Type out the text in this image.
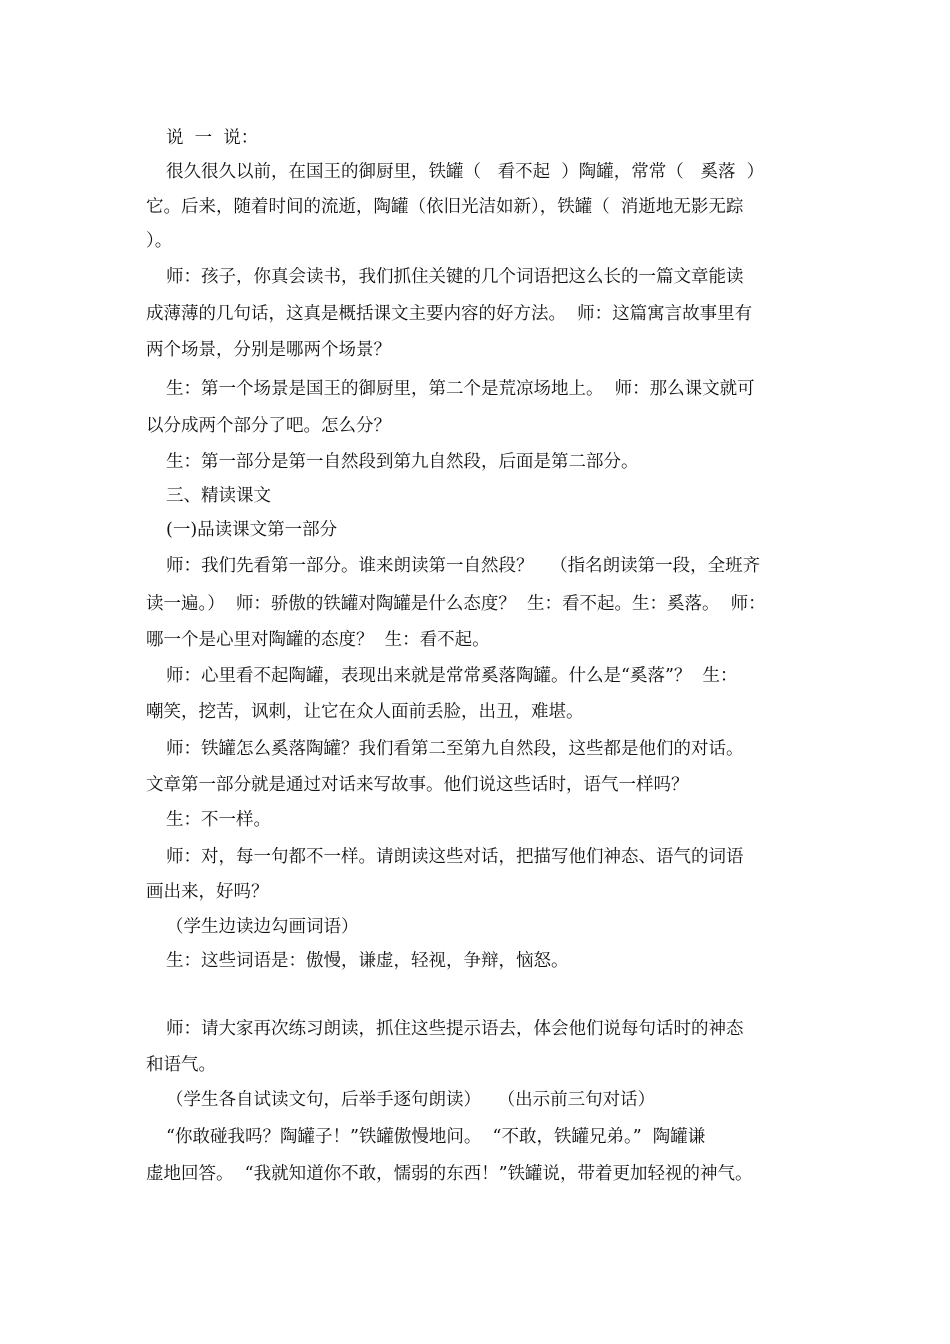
说  一  说：
很久很久以前，在国王的御厨里，铁罐（   看不起  ）陶罐，常常（   奚落  ）
它。后来，随着时间的流逝，陶罐（依旧光洁如新），铁罐（  消逝地无影无踪
）。
师：孩子，你真会读书，我们抓住关键的几个词语把这么长的一篇文章能读
成薄薄的几句话，这真是概括课文主要内容的好方法。  师：这篇寓言故事里有
两个场景，分别是哪两个场景？
生：第一个场景是国王的御厨里，第二个是荒凉场地上。  师：那么课文就可
以分成两个部分了吧。怎么分？
生：第一部分是第一自然段到第九自然段，后面是第二部分。
三、精读课文
(一)品读课文第一部分
师：我们先看第一部分。谁来朗读第一自然段？   （指名朗读第一段，全班齐
读一遍。）  师：骄傲的铁罐对陶罐是什么态度？  生：看不起。生：奚落。  师：
哪一个是心里对陶罐的态度？  生：看不起。
师：心里看不起陶罐，表现出来就是常常奚落陶罐。什么是“奚落”？  生：
嘲笑，挖苦，讽刺，让它在众人面前丢脸，出丑，难堪。
师：铁罐怎么奚落陶罐？我们看第二至第九自然段，这些都是他们的对话。
文章第一部分就是通过对话来写故事。他们说这些话时，语气一样吗？
生：不一样。
师：对，每一句都不一样。请朗读这些对话，把描写他们神态、语气的词语
画出来，好吗？
（学生边读边勾画词语）
生：这些词语是：傲慢，谦虚，轻视，争辩，恼怒。
师：请大家再次练习朗读，抓住这些提示语去，体会他们说每句话时的神态
和语气。
（学生各自试读文句，后举手逐句朗读）   （出示前三句对话）
“你敢碰我吗？陶罐子！”铁罐傲慢地问。  “不敢，铁罐兄弟。”  陶罐谦
虚地回答。  “我就知道你不敢，懦弱的东西！”铁罐说，带着更加轻视的神气。
